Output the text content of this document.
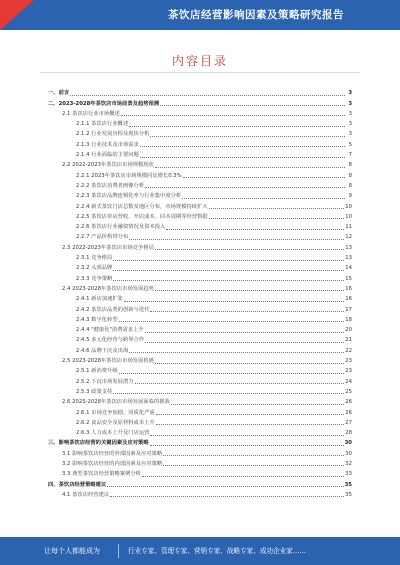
茶饮店经营影响因素及策略研究报告
内容目录
一、前言	3
二、2023-2028年茶饮店市场前景及趋势预测	3
2.1 茶饮店行业市场概述	3
2.1.1 茶饮店行业概述	3
2.1.2 行业发展历程及现状分析	3
2.1.3 行业技术及市场需求	5
2.1.4 行业面临的主要问题	7
2.2 2022-2023年茶饮店市场规模现状	8
2.2.1 2023年茶饮店市场规模同比增长0.3%	8
2.2.2 茶饮店消费者画像分析	8
2.2.3 茶饮店品牌连锁化率与行业集中度分析	9
2.2.4 新式茶饮门店总数及地区分布，市场规模持续扩大	10
2.2.5 茶饮店单店营收、开店成本、回本周期等经营数据	10
2.2.6 茶饮店行业融资情况及资本投入	11
2.2.7 产品价格带分布	12
2.3 2022-2023年茶饮店市场竞争格局	13
2.3.1 竞争格局	13
2.3.2 头部品牌	14
2.3.3 竞争策略	15
2.4 2023-2028年茶饮店市场发展趋势	16
2.4.1 新店加速扩张	16
2.4.2 茶饮店品类的创新与迭代	17
2.4.3 数字化转型	18
2.4.4 "健康化"消费需求上升	20
2.4.5 多元化经营与跨界合作	21
2.4.6 品牌下沉及出海	22
2.5 2023-2028年茶饮店市场发展机遇	23
2.5.1 新消费升级	23
2.5.2 下沉市场发展潜力	24
2.5.3 政策支持	25
2.6 2023-2028年茶饮店市场发展面临的挑战	26
2.6.1 市场竞争加剧，同质化严重	26
2.6.2 食品安全及原材料成本上升	27
2.6.3 人力成本上升及门店运营	28
三、影响茶饮店经营的关键因素及应对策略	30
3.1 影响茶饮店经营的外部因素及应对策略	30
3.2 影响茶饮店经营的内部因素及应对策略	32
3.3 典型茶饮店经营策略案例分析	33
四、茶饮店经营策略建议	35
4.1 茶饮店经营建议	35
让每个人都能成为	行业专家、管理专家、营销专家、战略专家、成功企业家……
